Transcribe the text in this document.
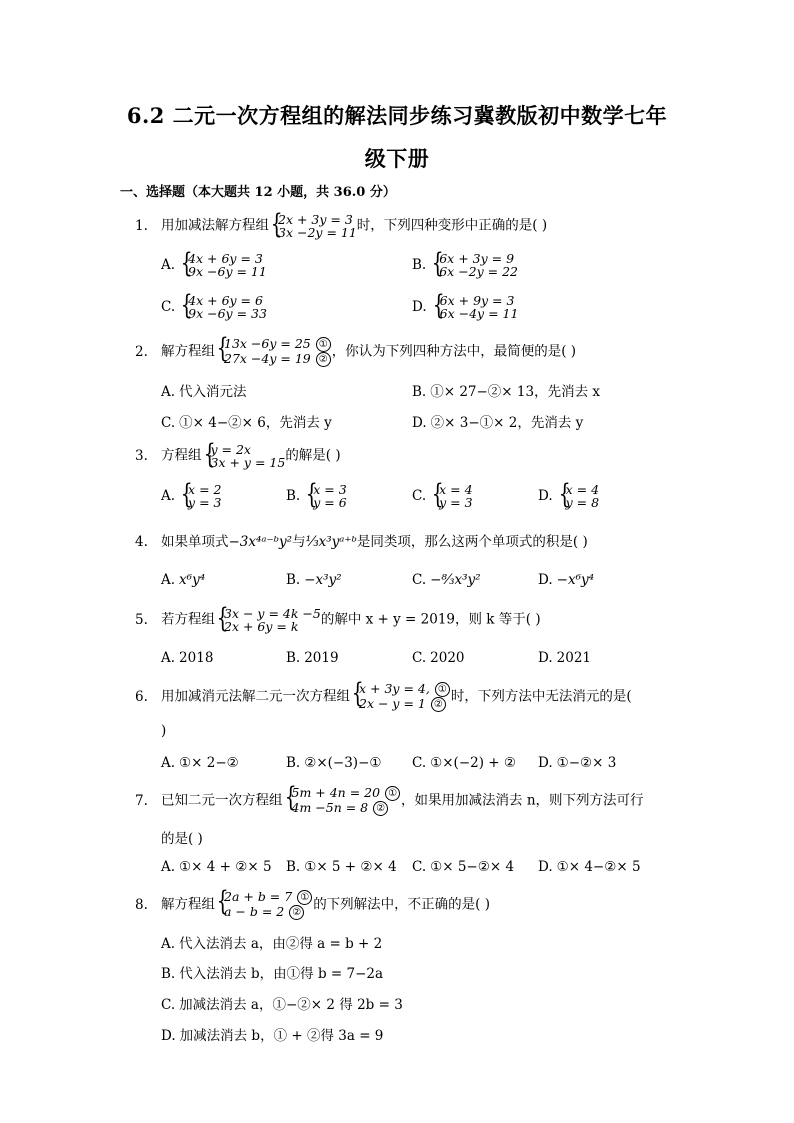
6.2 二元一次方程组的解法同步练习冀教版初中数学七年
级下册
一、选择题（本大题共 12 小题，共 36.0 分）
1. 用加减法解方程组 { 2x + 3y = 3
3x −2y = 11 时，下列四种变形中正确的是( )
A. { 4x + 6y = 3
9x −6y = 11	B. { 6x + 3y = 9
6x −2y = 22
C. { 4x + 6y = 6
9x −6y = 33	D. { 6x + 9y = 3
6x −4y = 11
2. 解方程组 { 13x −6y = 25 ①
27x −4y = 19 ② ，你认为下列四种方法中，最简便的是( )
A. 代入消元法	B. ①× 27−②× 13，先消去 x
C. ①× 4−②× 6，先消去 y	D. ②× 3−①× 2，先消去 y
3. 方程组 { y = 2x
3x + y = 15 的解是( )
A. { x = 2
y = 3	B. { x = 3
y = 6	C. { x = 4
y = 3	D. { x = 4
y = 8
4. 如果单项式−3x⁴ᵃ⁻ᵇy²与⅓x³yᵃ⁺ᵇ是同类项，那么这两个单项式的积是( )
A. x⁶y⁴	B. −x³y²	C. −⁸⁄₃x³y²	D. −x⁶y⁴
5. 若方程组 { 3x − y = 4k −5
2x + 6y = k	的解中 x + y = 2019，则 k 等于( )
A. 2018	B. 2019	C. 2020	D. 2021
6. 用加减消元法解二元一次方程组 { x + 3y = 4, ①
2x − y = 1 ② 时，下列方法中无法消元的是(
)
A. ①× 2−②	B. ②×(−3)−① C. ①×(−2) + ② D. ①−②× 3
7. 已知二元一次方程组 { 5m + 4n = 20 ①
4m −5n = 8 ②	，如果用加减法消去 n，则下列方法可行
的是( )
A. ①× 4 + ②× 5 B. ①× 5 + ②× 4 C. ①× 5−②× 4 D. ①× 4−②× 5
8. 解方程组 { 2a + b = 7 ①
a − b = 2 ② 的下列解法中，不正确的是( )
A. 代入法消去 a，由②得 a = b + 2
B. 代入法消去 b，由①得 b = 7−2a
C. 加减法消去 a，①−②× 2 得 2b = 3
D. 加减法消去 b，① + ②得 3a = 9
